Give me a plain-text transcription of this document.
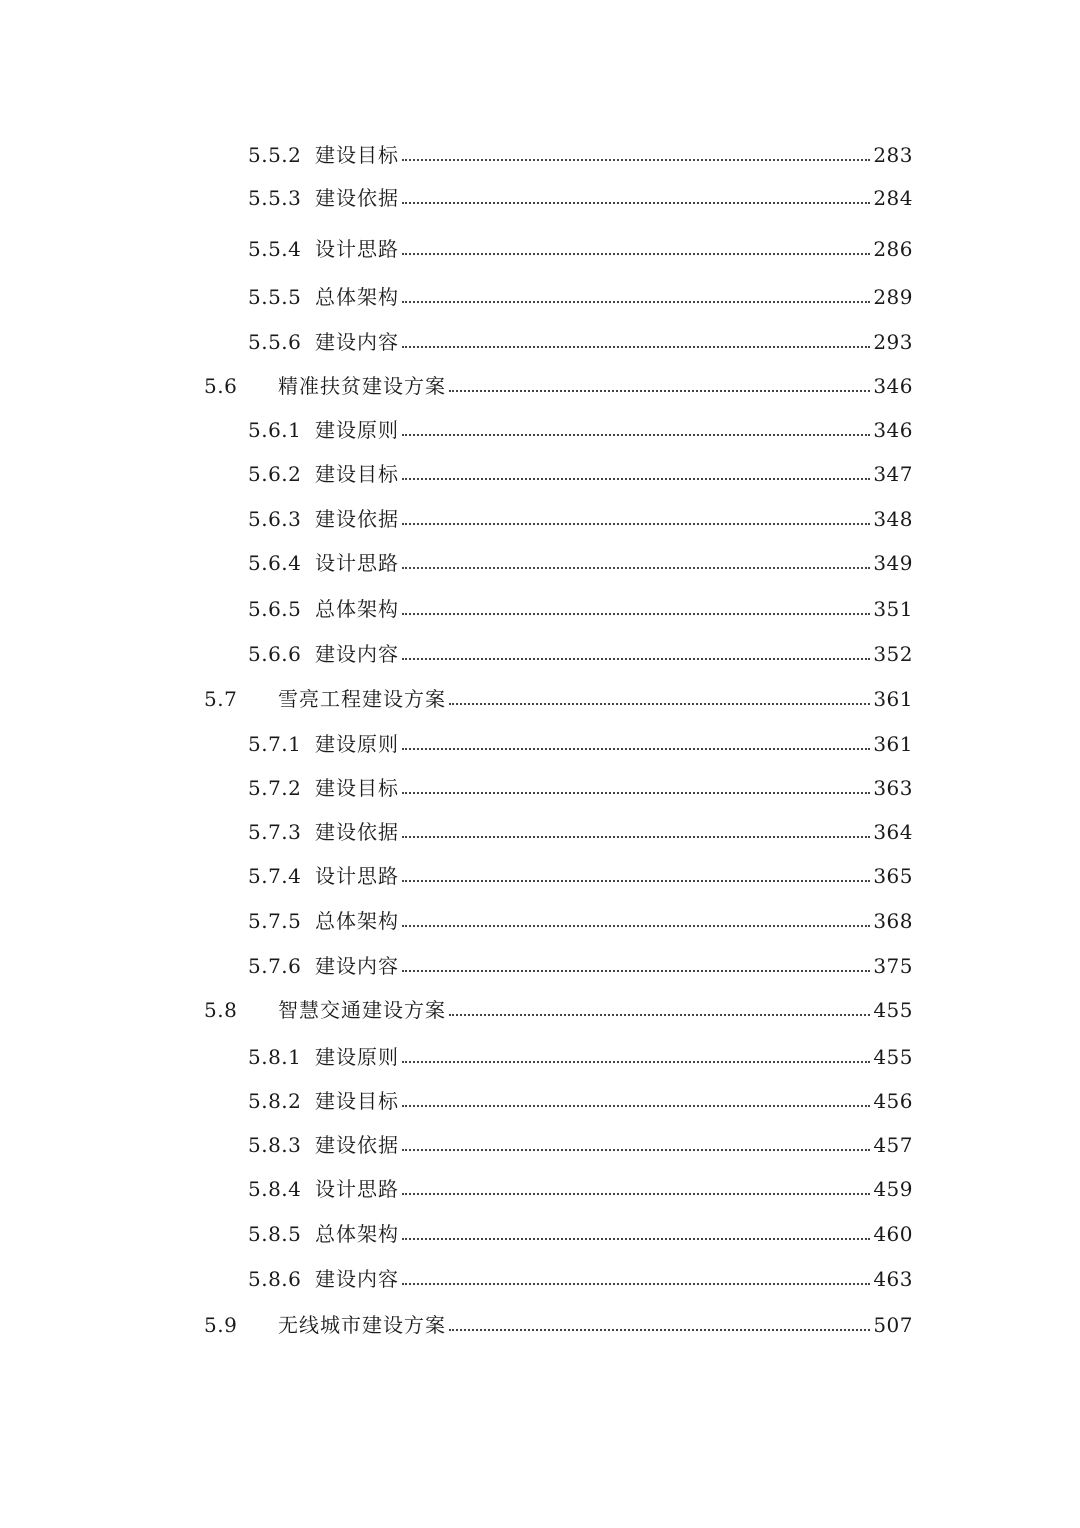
5.5.2 建设目标	283
5.5.3 建设依据	284
5.5.4 设计思路	286
5.5.5 总体架构	289
5.5.6 建设内容	293
5.6	精准扶贫建设方案	346
5.6.1 建设原则	346
5.6.2 建设目标	347
5.6.3 建设依据	348
5.6.4 设计思路	349
5.6.5 总体架构	351
5.6.6 建设内容	352
5.7	雪亮工程建设方案	361
5.7.1 建设原则	361
5.7.2 建设目标	363
5.7.3 建设依据	364
5.7.4 设计思路	365
5.7.5 总体架构	368
5.7.6 建设内容	375
5.8	智慧交通建设方案	455
5.8.1 建设原则	455
5.8.2 建设目标	456
5.8.3 建设依据	457
5.8.4 设计思路	459
5.8.5 总体架构	460
5.8.6 建设内容	463
5.9	无线城市建设方案	507
